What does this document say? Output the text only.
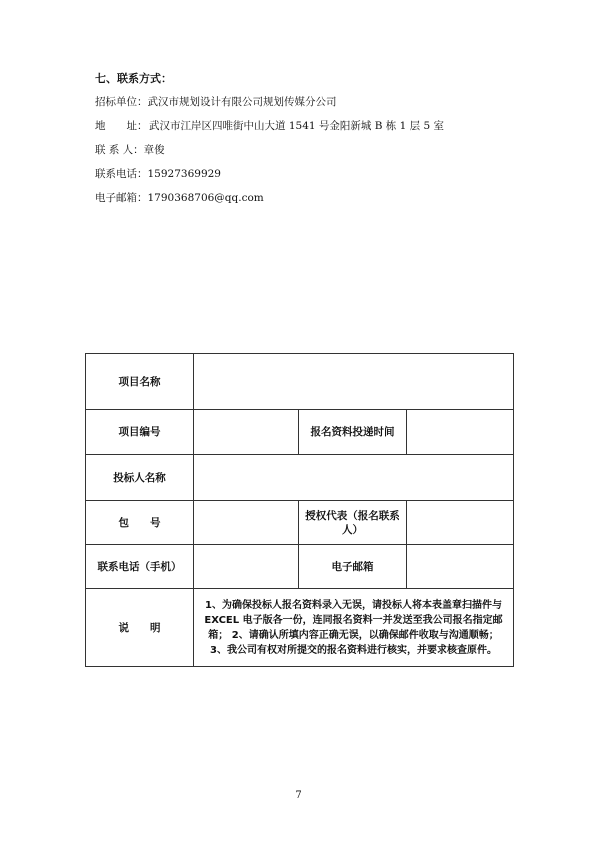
七、联系方式：
招标单位：武汉市规划设计有限公司规划传媒分公司
地　　址： 武汉市江岸区四唯街中山大道 1541 号金阳新城 B 栋 1 层 5 室
联 系 人：章俊
联系电话：15927369929
电子邮箱：1790368706@qq.com
项目名称			
项目编号		报名资料投递时间	
投标人名称			
包　　号		授权代表（报名联系人）	
联系电话（手机）		电子邮箱	
说　　明	1、为确保投标人报名资料录入无误，请投标人将本表盖章扫描件与 EXCEL 电子版各一份，连同报名资料一并发送至我公司报名指定邮箱； 2、请确认所填内容正确无误，以确保邮件收取与沟通顺畅； 3、我公司有权对所提交的报名资料进行核实，并要求核查原件。		
7
